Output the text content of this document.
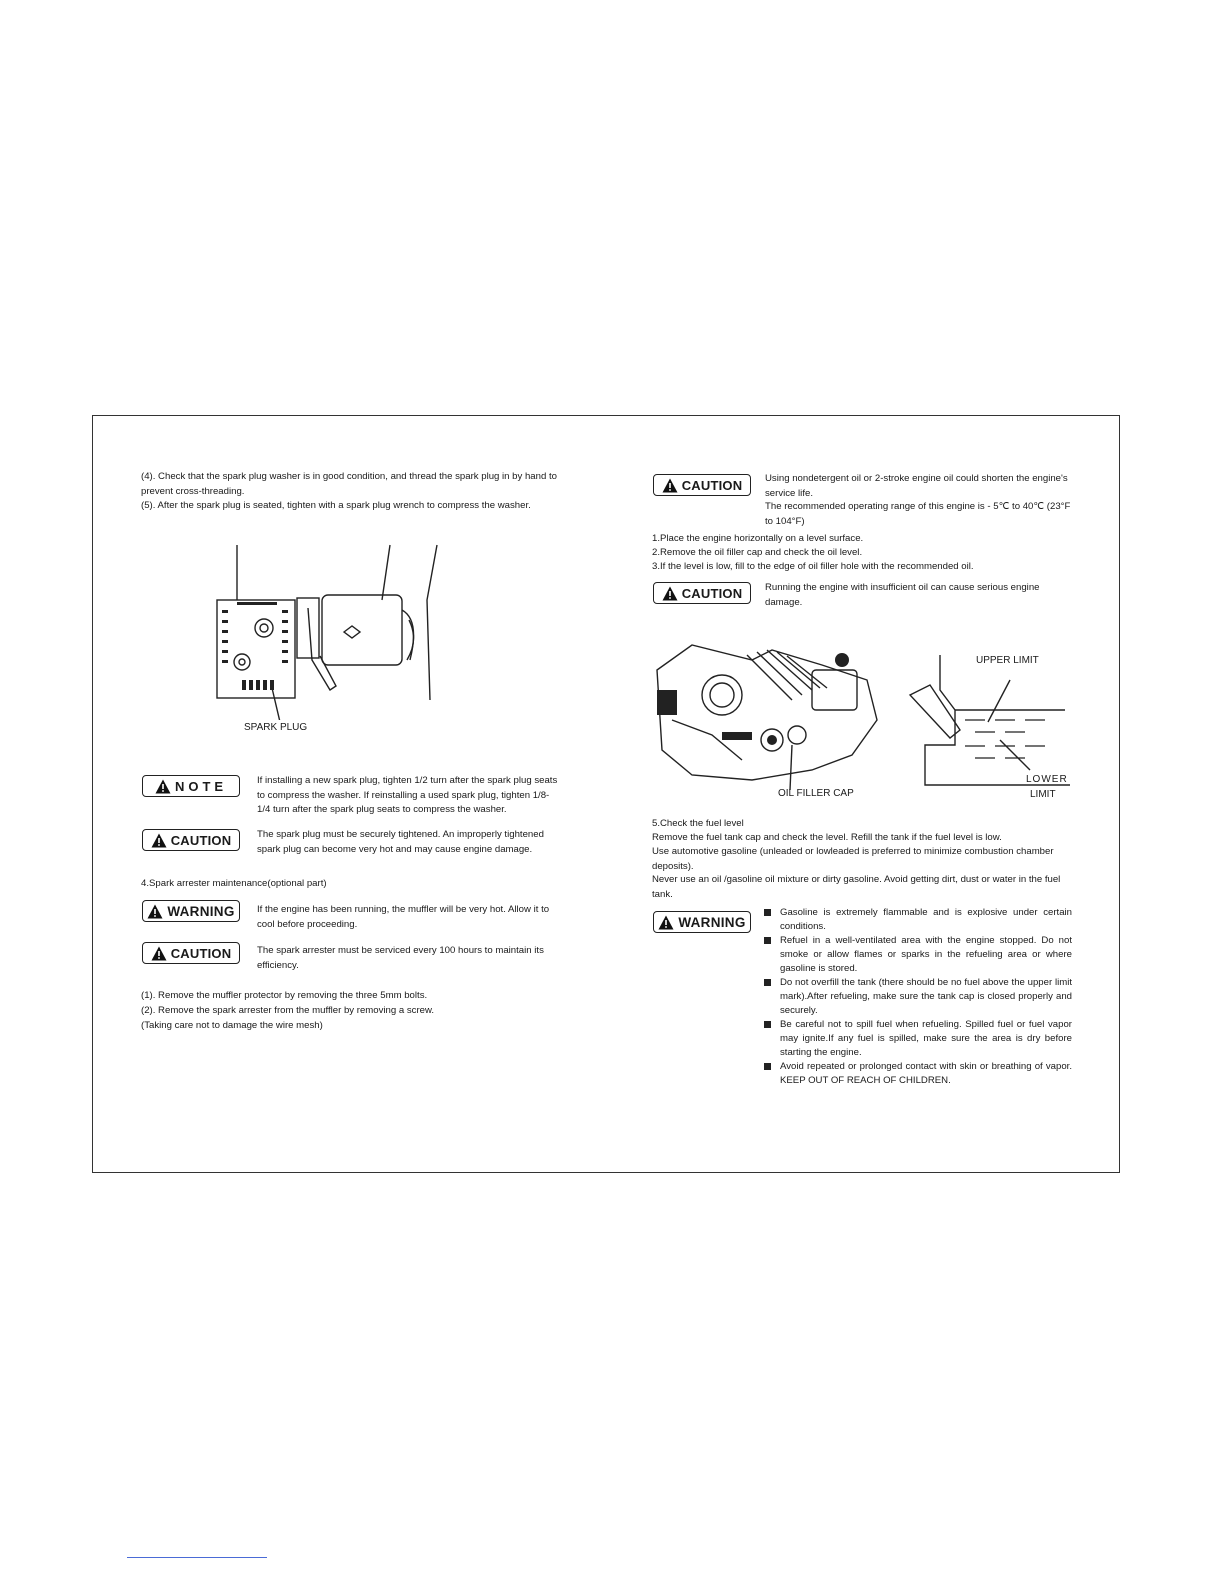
(4). Check that the spark plug washer is in good condition, and thread the spark plug in by hand to prevent cross-threading.

(5). After the spark plug is seated, tighten with a spark plug wrench to compress the washer.

SPARK PLUG
NOTE	If installing a new spark plug, tighten 1/2 turn after the spark plug seats to compress the washer. If reinstalling a used spark plug, tighten 1/8-1/4 turn after the spark plug seats to compress the washer.

CAUTION	The spark plug must be securely tightened. An improperly tightened spark plug can become very hot and may cause engine damage.

4.Spark arrester maintenance(optional part)

WARNING If the engine has been running, the muffler will be very hot. Allow it to cool before proceeding.

CAUTION	The spark arrester must be serviced every 100 hours to maintain its efficiency.

(1). Remove the muffler protector by removing the three 5mm bolts.

(2). Remove the spark arrester from the muffler by removing a screw.

(Taking care not to damage the wire mesh)

CAUTION Using nondetergent oil or 2-stroke engine oil could shorten the engine's service life.

The recommended operating range of this engine is - 5℃ to 40℃ (23°F to 104°F)

1.Place the engine horizontally on a level surface.

2.Remove the oil filler cap and check the oil level.

3.If the level is low, fill to the edge of oil filler hole with the recommended oil.

CAUTION Running the engine with insufficient oil can cause serious engine damage.

OIL FILLER CAP
UPPER LIMIT
LOWER
LIMIT

5.Check the fuel level

Remove the fuel tank cap and check the level. Refill the tank if the fuel level is low.

Use automotive gasoline (unleaded or lowleaded is preferred to minimize combustion chamber deposits).

Never use an oil /gasoline oil mixture or dirty gasoline. Avoid getting dirt, dust or water in the fuel tank.

WARNING
Gasoline is extremely flammable and is explosive under certain conditions.
Refuel in a well-ventilated area with the engine stopped. Do not smoke or allow flames or sparks in the refueling area or where gasoline is stored.
Do not overfill the tank (there should be no fuel above the upper limit mark).After refueling, make sure the tank cap is closed properly and securely.
Be careful not to spill fuel when refueling. Spilled fuel or fuel vapor may ignite.If any fuel is spilled, make sure the area is dry before starting the engine.
Avoid repeated or prolonged contact with skin or breathing of vapor. KEEP OUT OF REACH OF CHILDREN.
